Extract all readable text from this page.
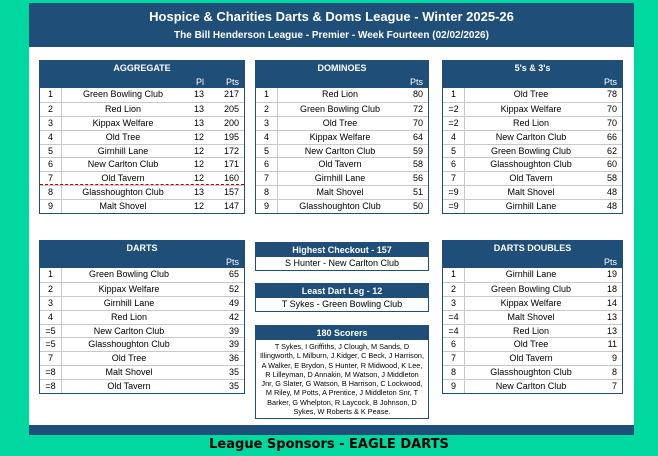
Hospice & Charities Darts & Doms League - Winter 2025-26
The Bill Henderson League - Premier - Week Fourteen (02/02/2026)
AGGREGATE
Pl Pts
1	Green Bowling Club	13 217
2	Red Lion	13 205
3	Kippax Welfare	13 200
4	Old Tree	12 195
5	Girnhill Lane	12 172
6	New Carlton Club	12 171
7	Old Tavern	12 160
8	Glasshoughton Club	13 157
9	Malt Shovel	12 147
DOMINOES
Pts
1	Red Lion	80
2	Green Bowling Club	72
3	Old Tree	70
4	Kippax Welfare	64
5	New Carlton Club	59
6	Old Tavern	58
7	Girnhill Lane	56
8	Malt Shovel	51
9	Glasshoughton Club	50
5's & 3's
Pts
1	Old Tree	78
=2	Kippax Welfare	70
=2	Red Lion	70
4	New Carlton Club	66
5	Green Bowling Club	62
6	Glasshoughton Club	60
7	Old Tavern	58
=9	Malt Shovel	48
=9	Girnhill Lane	48
DARTS
Pts
1	Green Bowling Club	65
2	Kippax Welfare	52
3	Girnhill Lane	49
4	Red Lion	42
=5	New Carlton Club	39
=5	Glasshoughton Club	39
7	Old Tree	36
=8	Malt Shovel	35
=8	Old Tavern	35
Highest Checkout - 157
S Hunter - New Carlton Club
Least Dart Leg - 12
T Sykes - Green Bowling Club
180 Scorers
T Sykes, I Griffiths, J Clough, M Sands, D Illingworth, L Milburn, J Kidger, C Beck, J Harrison, A Walker, E Brydon, S Hunter, R Midwood, K Lee, R Lilleyman, D Annakin, M Watson, J Middleton Jnr, G Slater, G Watson, B Harrison, C Lockwood, M Riley, M Potts, A Prentice, J Middleton Snr, T Barker, G Whelpton, R Laycock, B Johnson, D Sykes, W Roberts & K Pease.
DARTS DOUBLES
Pts
1	Girnhill Lane	19
2	Green Bowling Club	18
3	Kippax Welfare	14
=4	Malt Shovel	13
=4	Red Lion	13
6	Old Tree	11
7	Old Tavern	9
8	Glasshoughton Club	8
9	New Carlton Club	7
League Sponsors - EAGLE DARTS
